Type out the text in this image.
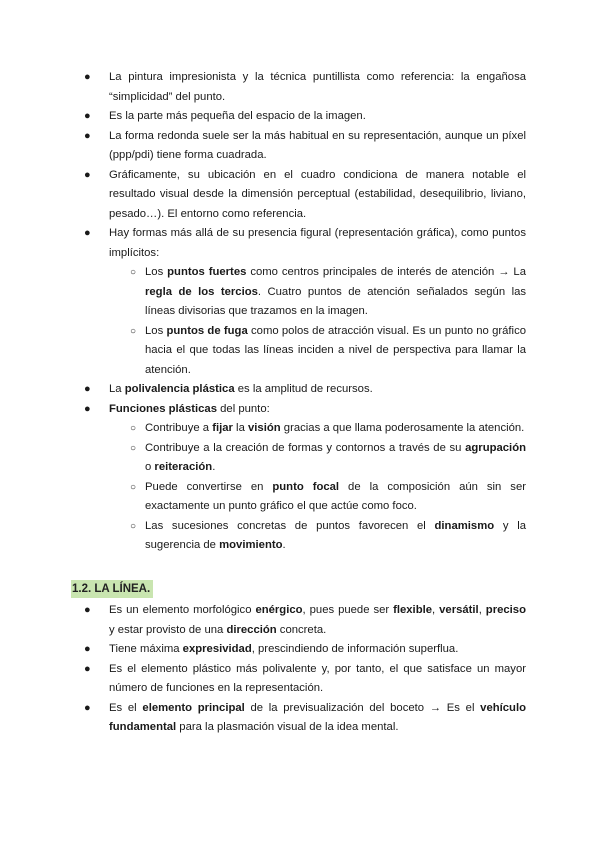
●	La pintura impresionista y la técnica puntillista como referencia: la engañosa “simplicidad” del punto.
●	Es la parte más pequeña del espacio de la imagen.
●	La forma redonda suele ser la más habitual en su representación, aunque un píxel (ppp/pdi) tiene forma cuadrada.
●	Gráficamente, su ubicación en el cuadro condiciona de manera notable el resultado visual desde la dimensión perceptual (estabilidad, desequilibrio, liviano, pesado…). El entorno como referencia.
●	Hay formas más allá de su presencia figural (representación gráfica), como puntos implícitos:
○ Los puntos fuertes como centros principales de interés de atención → La regla de los tercios. Cuatro puntos de atención señalados según las líneas divisorias que trazamos en la imagen.
○ Los puntos de fuga como polos de atracción visual. Es un punto no gráfico hacia el que todas las líneas inciden a nivel de perspectiva para llamar la atención.
●	La polivalencia plástica es la amplitud de recursos.
●	Funciones plásticas del punto:
○ Contribuye a fijar la visión gracias a que llama poderosamente la atención.
○ Contribuye a la creación de formas y contornos a través de su agrupación o reiteración.
○ Puede convertirse en punto focal de la composición aún sin ser exactamente un punto gráfico el que actúe como foco.
○ Las sucesiones concretas de puntos favorecen el dinamismo y la sugerencia de movimiento.
1.2. LA LÍNEA.
●	Es un elemento morfológico enérgico, pues puede ser flexible, versátil, preciso y estar provisto de una dirección concreta.
●	Tiene máxima expresividad, prescindiendo de información superflua.
●	Es el elemento plástico más polivalente y, por tanto, el que satisface un mayor número de funciones en la representación.
●	Es el elemento principal de la previsualización del boceto → Es el vehículo fundamental para la plasmación visual de la idea mental.
